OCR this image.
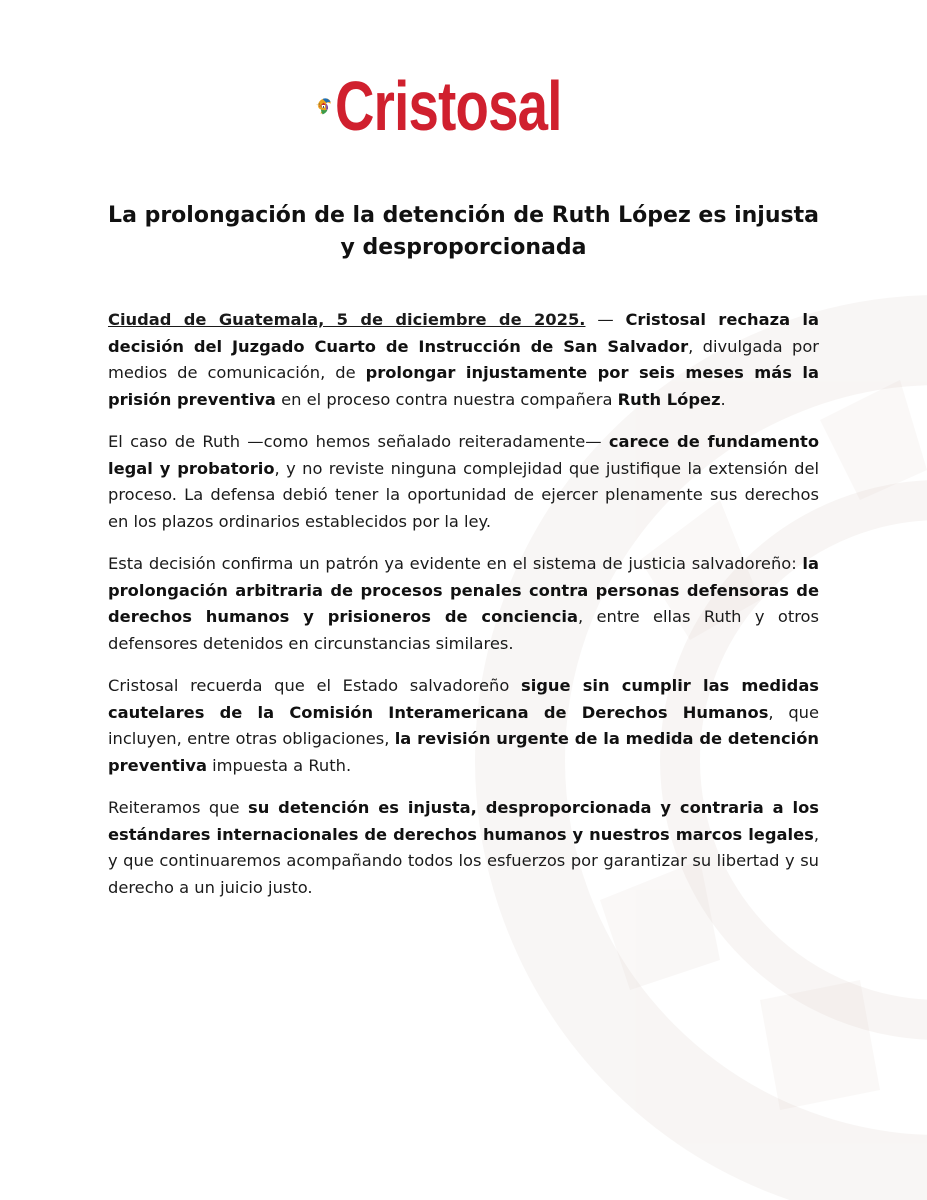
Cristosal
La prolongación de la detención de Ruth López es injusta y desproporcionada

Ciudad de Guatemala, 5 de diciembre de 2025. — Cristosal rechaza la decisión del Juzgado Cuarto de Instrucción de San Salvador, divulgada por medios de comunicación, de prolongar injustamente por seis meses más la prisión preventiva en el proceso contra nuestra compañera Ruth López.

El caso de Ruth —como hemos señalado reiteradamente— carece de fundamento legal y probatorio, y no reviste ninguna complejidad que justifique la extensión del proceso. La defensa debió tener la oportunidad de ejercer plenamente sus derechos en los plazos ordinarios establecidos por la ley.

Esta decisión confirma un patrón ya evidente en el sistema de justicia salvadoreño: la prolongación arbitraria de procesos penales contra personas defensoras de derechos humanos y prisioneros de conciencia, entre ellas Ruth y otros defensores detenidos en circunstancias similares.

Cristosal recuerda que el Estado salvadoreño sigue sin cumplir las medidas cautelares de la Comisión Interamericana de Derechos Humanos, que incluyen, entre otras obligaciones, la revisión urgente de la medida de detención preventiva impuesta a Ruth.

Reiteramos que su detención es injusta, desproporcionada y contraria a los estándares internacionales de derechos humanos y nuestros marcos legales, y que continuaremos acompañando todos los esfuerzos por garantizar su libertad y su derecho a un juicio justo.
